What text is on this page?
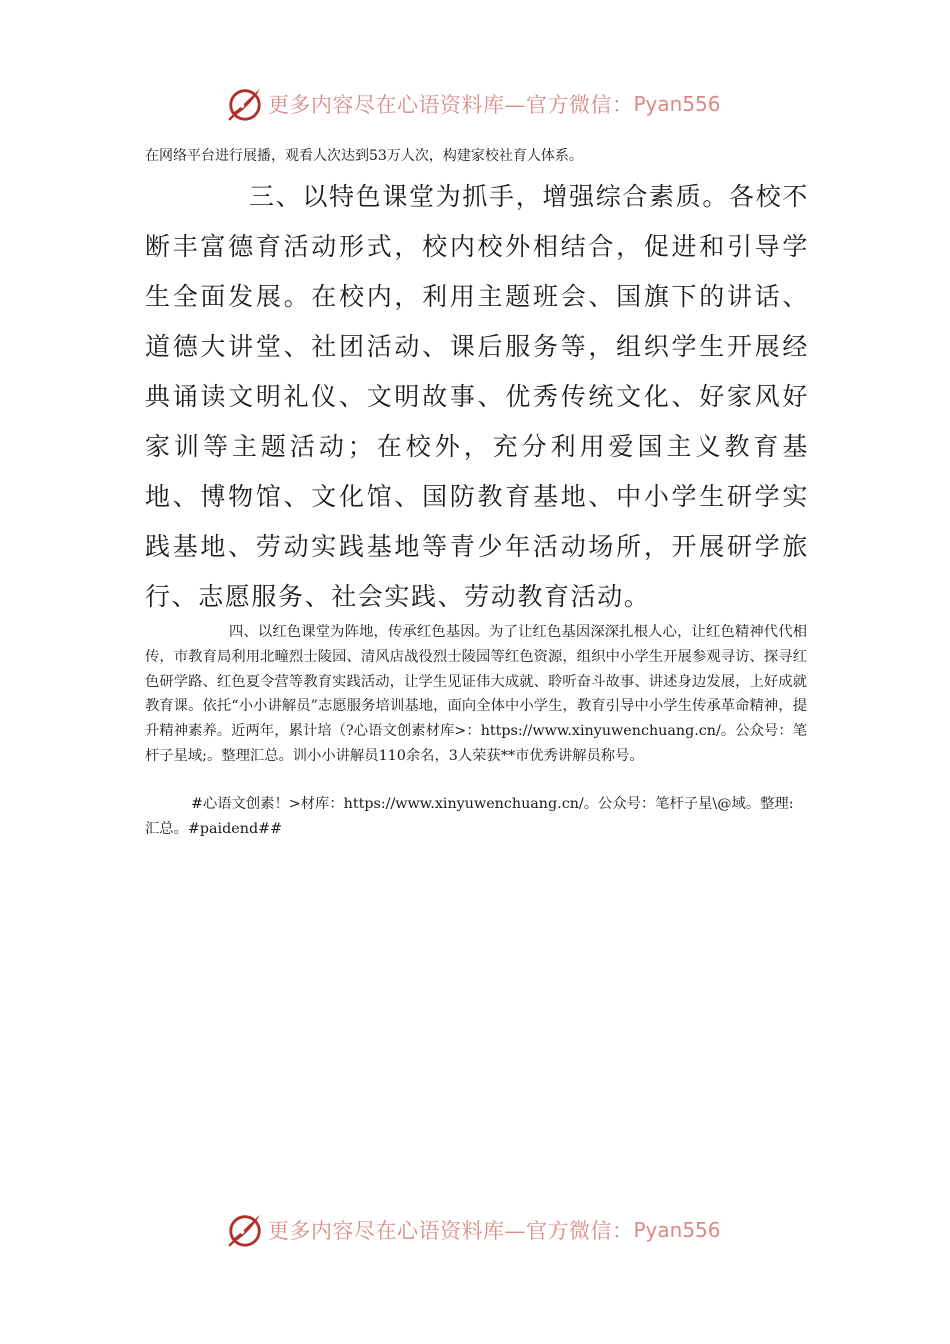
更多内容尽在心语资料库—官方微信： Pyan556
在网络平台进行展播，观看人次达到53万人次，构建家校社育人体系。

三、以特色课堂为抓手，增强综合素质。各校不断丰富德育活动形式，校内校外相结合，促进和引导学生全面发展。在校内，利用主题班会、国旗下的讲话、道德大讲堂、社团活动、课后服务等，组织学生开展经典诵读文明礼仪、文明故事、优秀传统文化、好家风好家训等主题活动；在校外，充分利用爱国主义教育基地、博物馆、文化馆、国防教育基地、中小学生研学实践基地、劳动实践基地等青少年活动场所，开展研学旅行、志愿服务、社会实践、劳动教育活动。

四、以红色课堂为阵地，传承红色基因。为了让红色基因深深扎根人心，让红色精神代代相传，市教育局利用北疃烈士陵园、清风店战役烈士陵园等红色资源，组织中小学生开展参观寻访、探寻红色研学路、红色夏令营等教育实践活动，让学生见证伟大成就、聆听奋斗故事、讲述身边发展，上好成就教育课。依托“小小讲解员”志愿服务培训基地，面向全体中小学生，教育引导中小学生传承革命精神，提升精神素养。近两年，累计培（?心语文创素材库>：https://www.xinyuwenchuang.cn/。公众号：笔杆子星域;。整理汇总。训小小讲解员110余名，3人荣获**市优秀讲解员称号。

#心语文创素！>材库：https://www.xinyuwenchuang.cn/。公众号：笔杆子星\@域。整理:汇总。#paidend##

更多内容尽在心语资料库—官方微信： Pyan556
